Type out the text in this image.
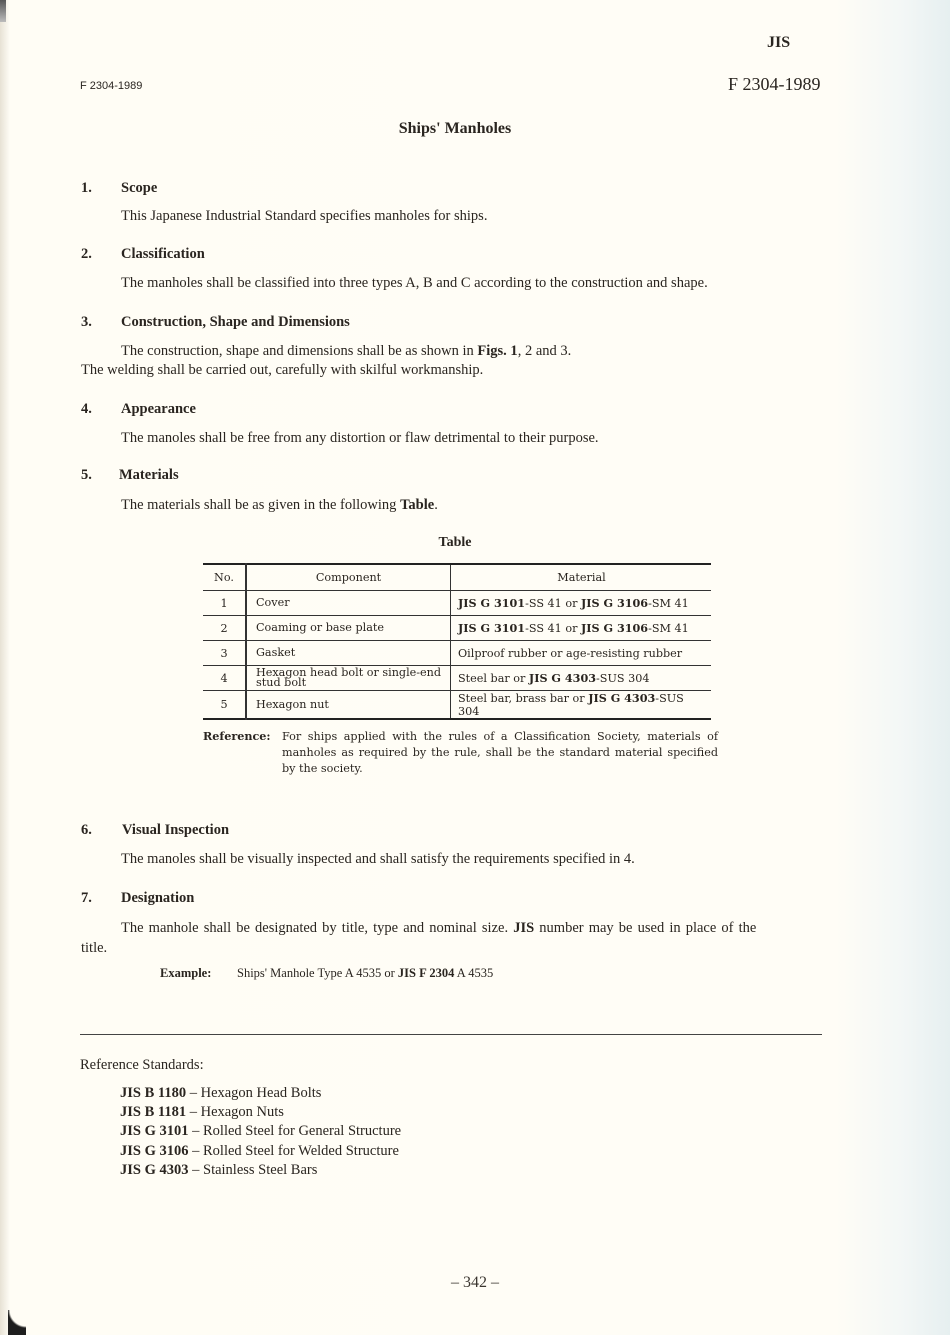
JIS
F 2304-1989	F 2304-1989
Ships' Manholes
1. Scope
This Japanese Industrial Standard specifies manholes for ships.
2. Classification
The manholes shall be classified into three types A, B and C according to the construction and shape.
3. Construction, Shape and Dimensions
The construction, shape and dimensions shall be as shown in Figs. 1, 2 and 3.
The welding shall be carried out, carefully with skilful workmanship.
4. Appearance
The manoles shall be free from any distortion or flaw detrimental to their purpose.
5. Materials
The materials shall be as given in the following Table.
Table
No.	Component	Material
1	Cover	JIS G 3101-SS 41 or JIS G 3106-SM 41
2	Coaming or base plate	JIS G 3101-SS 41 or JIS G 3106-SM 41
3	Gasket	Oilproof rubber or age-resisting rubber
4	Hexagon head bolt or single-end stud bolt	Steel bar or JIS G 4303-SUS 304
5	Hexagon nut	Steel bar, brass bar or JIS G 4303-SUS 304
Reference: For ships applied with the rules of a Classification Society, materials of manholes as required by the rule, shall be the standard material specified by the society.
6. Visual Inspection
The manoles shall be visually inspected and shall satisfy the requirements specified in 4.
7. Designation
The manhole shall be designated by title, type and nominal size. JIS number may be used in place of the
title.
Example: Ships' Manhole Type A 4535 or JIS F 2304 A 4535
Reference Standards:
JIS B 1180 – Hexagon Head Bolts
JIS B 1181 – Hexagon Nuts
JIS G 3101 – Rolled Steel for General Structure
JIS G 3106 – Rolled Steel for Welded Structure
JIS G 4303 – Stainless Steel Bars
– 342 –
